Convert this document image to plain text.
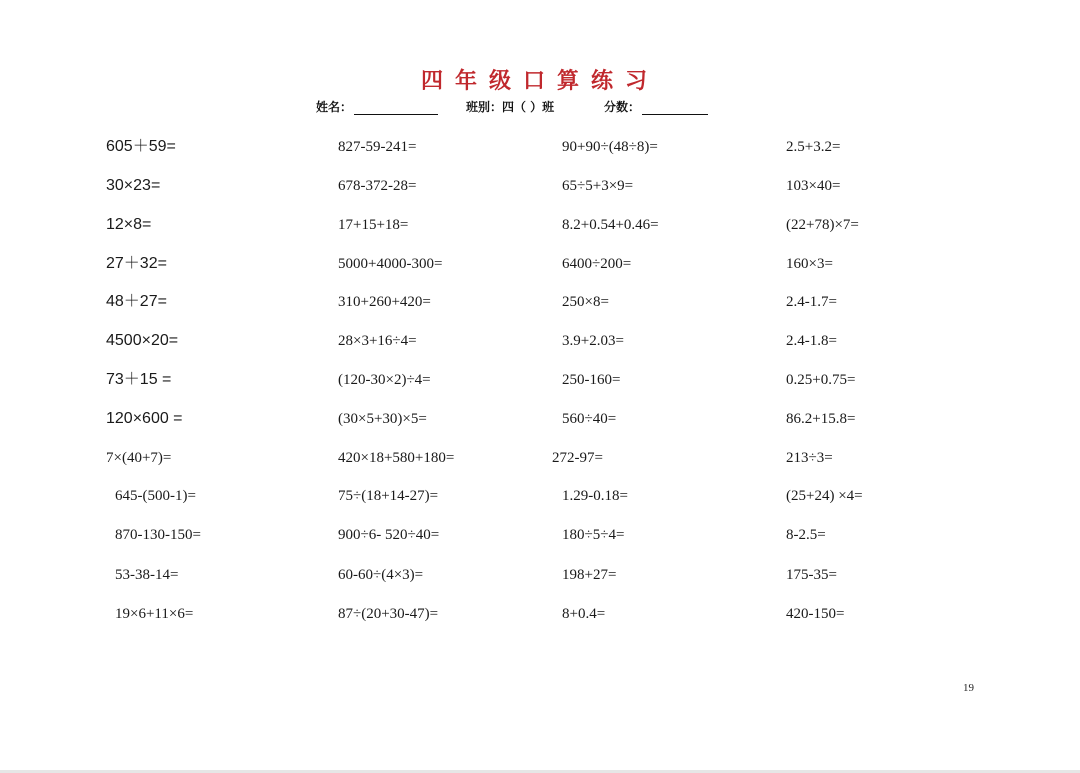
四年级口算练习
姓名：	班别：四（ ）班	分数：
605＋59=
30×23=
12×8=
27＋32=
48＋27=
4500×20=
73＋15 =
120×600 =
7×(40+7)=
645-(500-1)=
870-130-150=
53-38-14=
19×6+11×6=
827-59-241=
678-372-28=
17+15+18=
5000+4000-300=
310+260+420=
28×3+16÷4=
(120-30×2)÷4=
(30×5+30)×5=
420×18+580+180=
75÷(18+14-27)=
900÷6- 520÷40=
60-60÷(4×3)=
87÷(20+30-47)=
90+90÷(48÷8)=
65÷5+3×9=
8.2+0.54+0.46=
6400÷200=
250×8=
3.9+2.03=
250-160=
560÷40=
272-97=
1.29-0.18=
180÷5÷4=
198+27=
8+0.4=
2.5+3.2=
103×40=
(22+78)×7=
160×3=
2.4-1.7=
2.4-1.8=
0.25+0.75=
86.2+15.8=
213÷3=
(25+24) ×4=
8-2.5=
175-35=
420-150=
19
